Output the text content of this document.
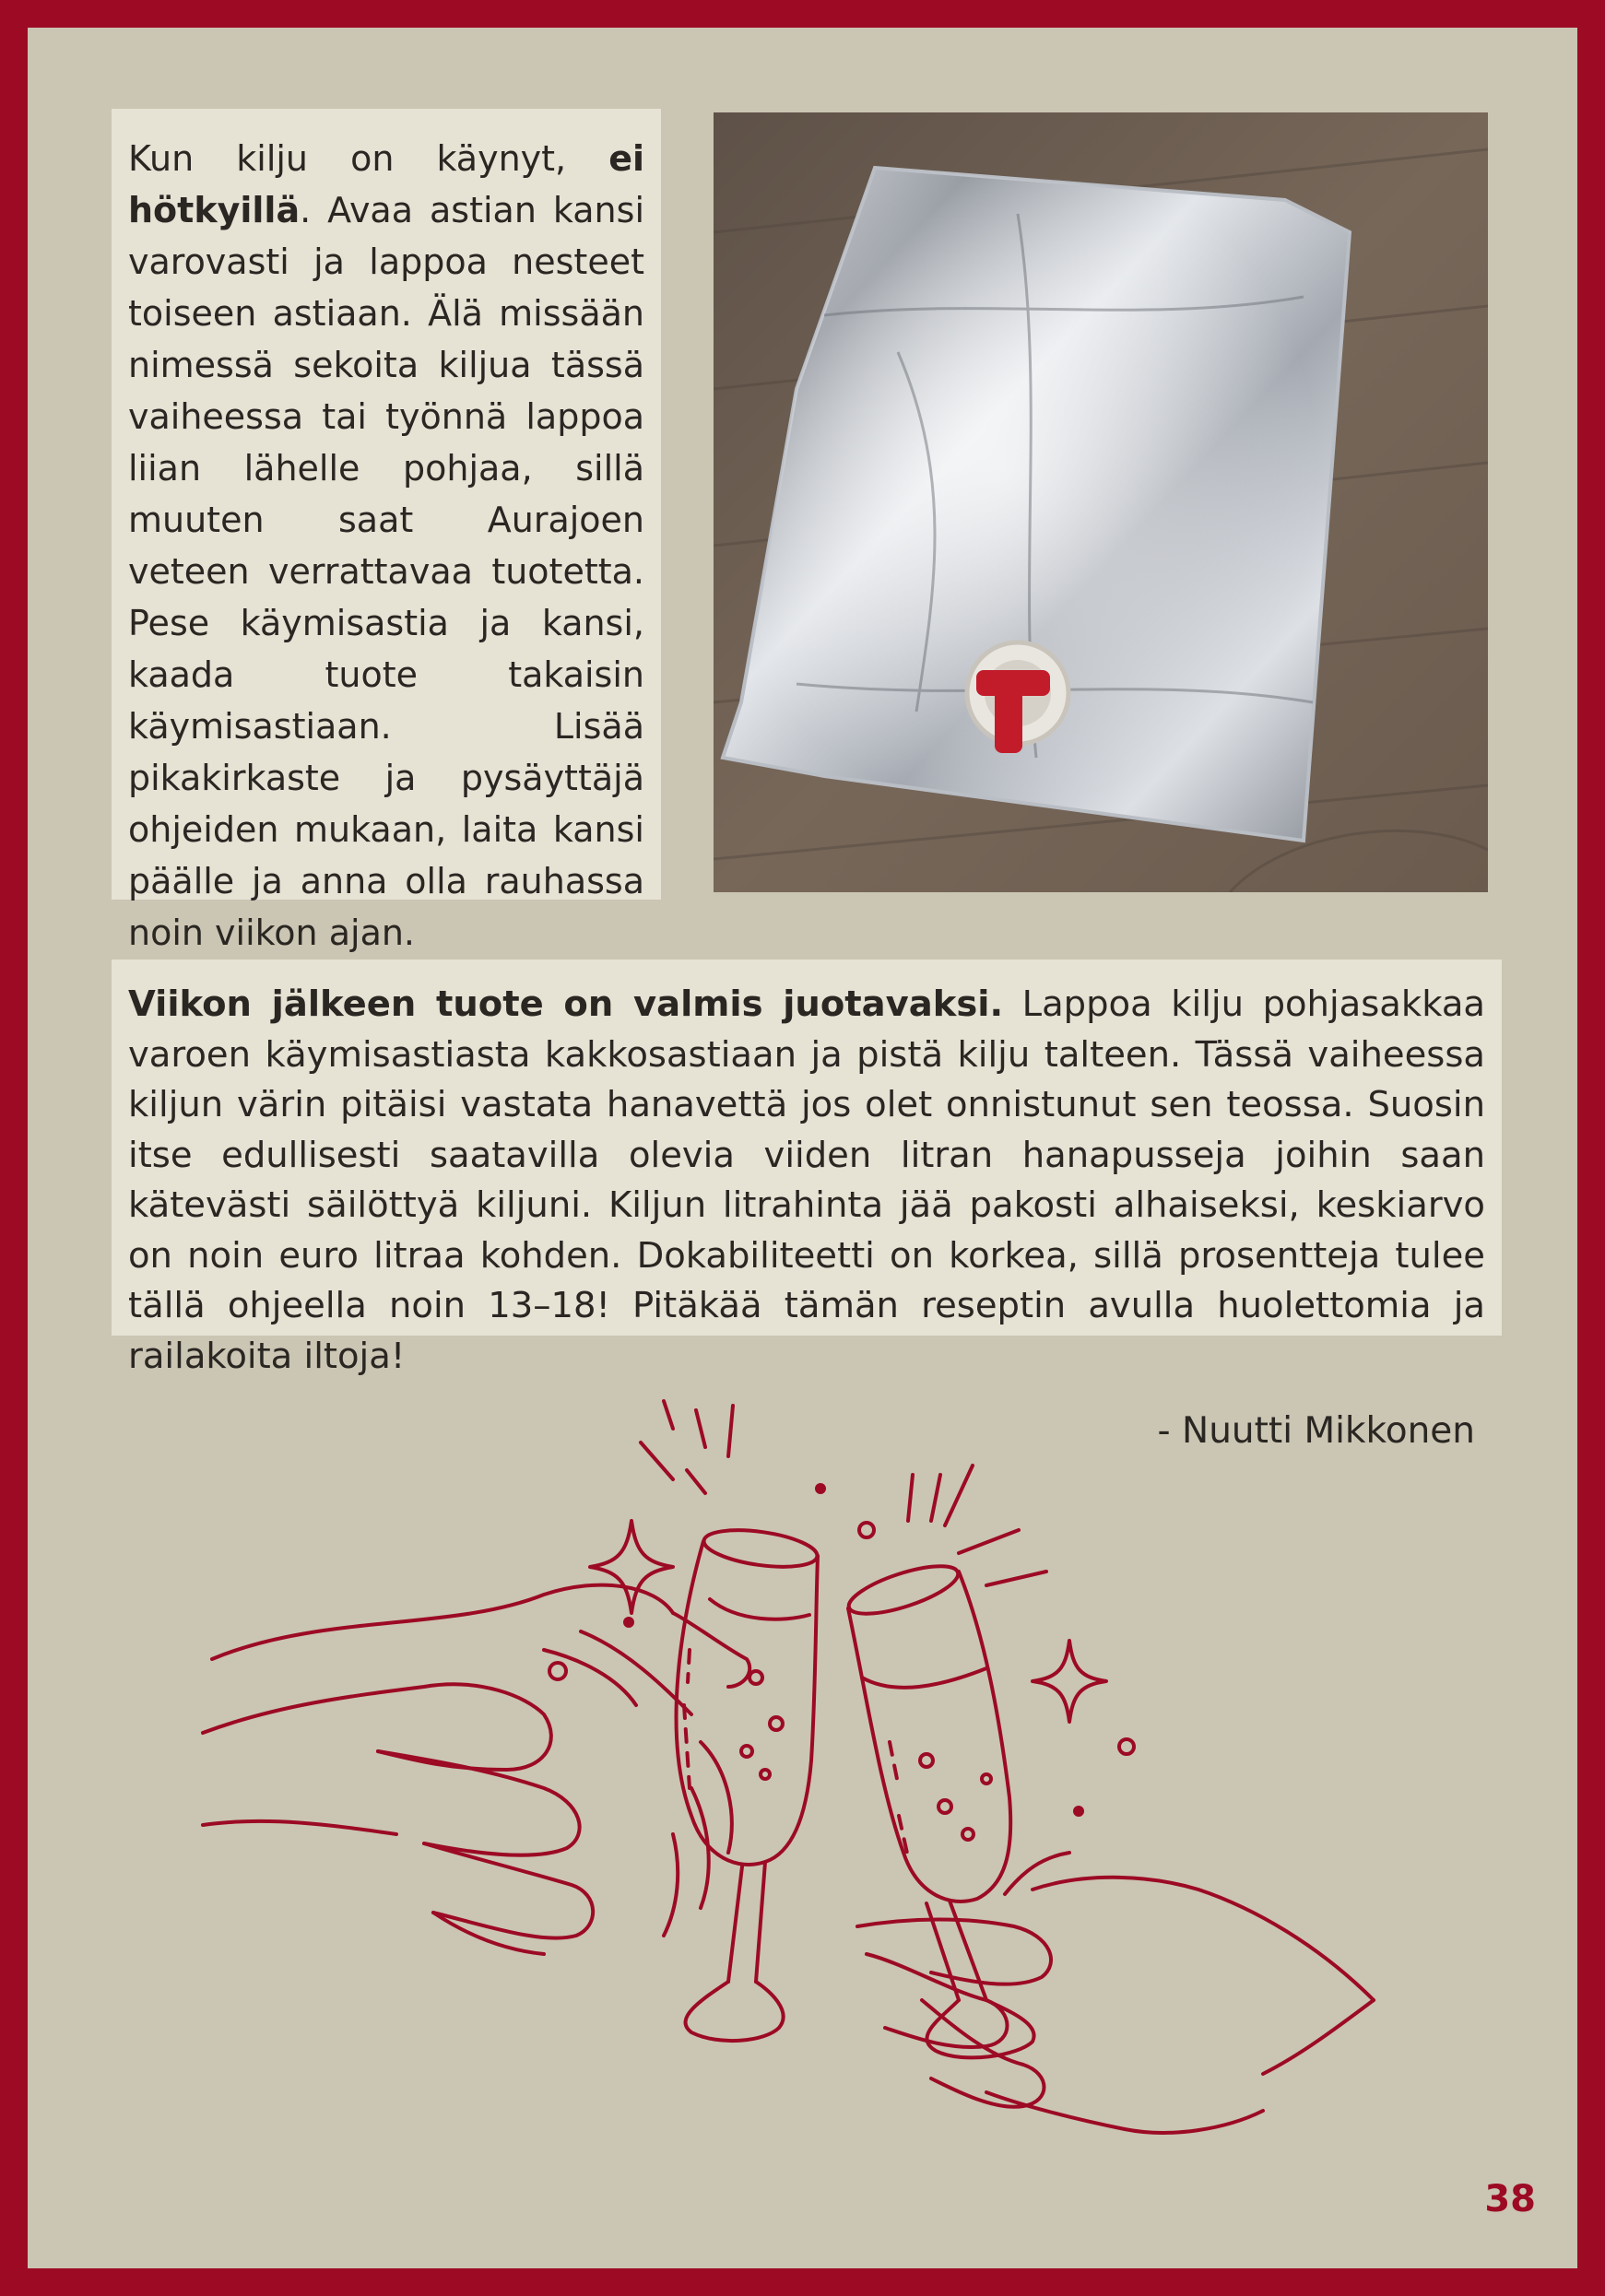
Kun kilju on käynyt, ei hötkyillä. Avaa astian kansi varovasti ja lappoa nesteet toiseen astiaan. Älä missään nimessä sekoita kiljua tässä vaiheessa tai työnnä lappoa liian lähelle pohjaa, sillä muuten saat Aurajoen veteen verrattavaa tuotetta. Pese käymisastia ja kansi, kaada tuote takaisin käymisastiaan. Lisää pikakirkaste ja pysäyttäjä ohjeiden mukaan, laita kansi päälle ja anna olla rauhassa noin viikon ajan.

Viikon jälkeen tuote on valmis juotavaksi. Lappoa kilju pohjasakkaa varoen käymisastiasta kakkosastiaan ja pistä kilju talteen. Tässä vaiheessa kiljun värin pitäisi vastata hanavettä jos olet onnistunut sen teossa. Suosin itse edullisesti saatavilla olevia viiden litran hanapusseja joihin saan kätevästi säilöttyä kiljuni. Kiljun litrahinta jää pakosti alhaiseksi, keskiarvo on noin euro litraa kohden. Dokabiliteetti on korkea, sillä prosentteja tulee tällä ohjeella noin 13–18! Pitäkää tämän reseptin avulla huolettomia ja railakoita iltoja!

- Nuutti Mikkonen
38
